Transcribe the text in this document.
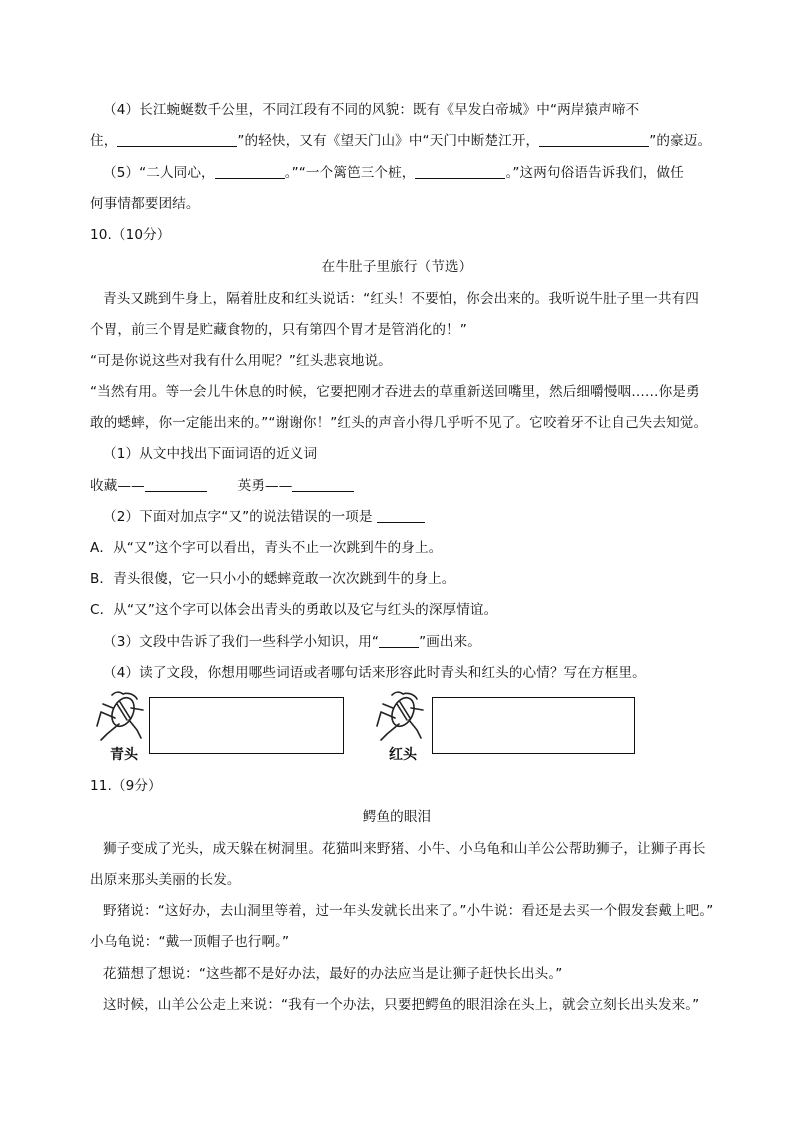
（4）长江蜿蜒数千公里，不同江段有不同的风貌：既有《早发白帝城》中“两岸猿声啼不
住，	”的轻快，又有《望天门山》中“天门中断楚江开，	”的豪迈。
（5）“二人同心，	。”“一个篱笆三个桩，	。”这两句俗语告诉我们，做任
何事情都要团结。
10.（10分）
在牛肚子里旅行（节选）
青头又跳到牛身上，隔着肚皮和红头说话：“红头！不要怕，你会出来的。我听说牛肚子里一共有四
个胃，前三个胃是贮藏食物的，只有第四个胃才是管消化的！”
“可是你说这些对我有什么用呢？”红头悲哀地说。
“当然有用。等一会儿牛休息的时候，它要把刚才吞进去的草重新送回嘴里，然后细嚼慢咽……你是勇
敢的蟋蟀，你一定能出来的。”“谢谢你！”红头的声音小得几乎听不见了。它咬着牙不让自己失去知觉。
（1）从文中找出下面词语的近义词
收藏——	英勇——
（2）下面对加点字“又”的说法错误的一项是
A．从“又”这个字可以看出，青头不止一次跳到牛的身上。
B．青头很傻，它一只小小的蟋蟀竟敢一次次跳到牛的身上。
C．从“又”这个字可以体会出青头的勇敢以及它与红头的深厚情谊。
（3）文段中告诉了我们一些科学小知识，用“	”画出来。
（4）读了文段，你想用哪些词语或者哪句话来形容此时青头和红头的心情？写在方框里。
青头	红头
11.（9分）
鳄鱼的眼泪
狮子变成了光头，成天躲在树洞里。花猫叫来野猪、小牛、小乌龟和山羊公公帮助狮子，让狮子再长
出原来那头美丽的长发。
野猪说：“这好办，去山洞里等着，过一年头发就长出来了。”小牛说：看还是去买一个假发套戴上吧。”
小乌龟说：“戴一顶帽子也行啊。”
花猫想了想说：“这些都不是好办法，最好的办法应当是让狮子赶快长出头。”
这时候，山羊公公走上来说：“我有一个办法，只要把鳄鱼的眼泪涂在头上，就会立刻长出头发来。”
